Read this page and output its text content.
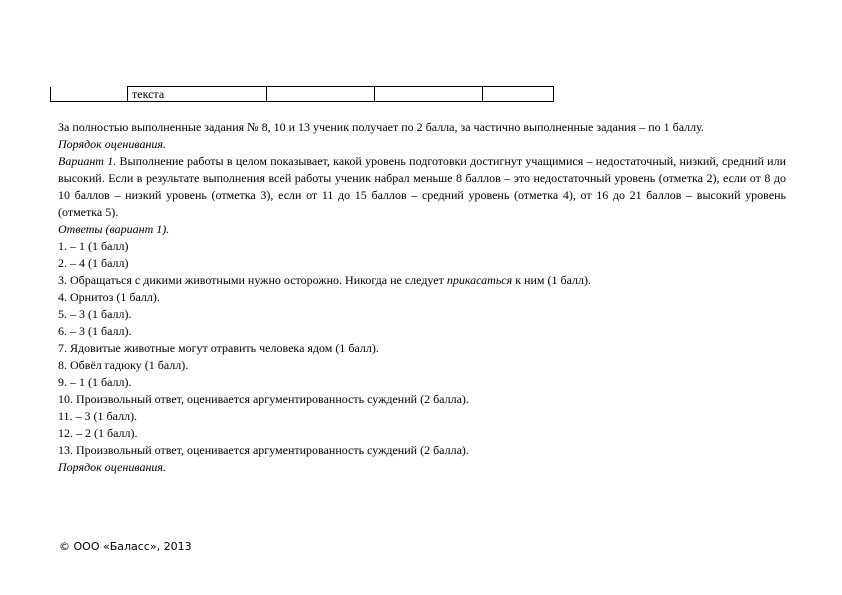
	текста			

За полностью выполненные задания № 8, 10 и 13 ученик получает по 2 балла, за частично выполненные задания – по 1 баллу.

Порядок оценивания.

Вариант 1. Выполнение работы в целом показывает, какой уровень подготовки достигнут учащимися – недостаточный, низкий, средний или высокий. Если в результате выполнения всей работы ученик набрал меньше 8 баллов – это недостаточный уровень (отметка 2), если от 8 до 10 баллов – низкий уровень (отметка 3), если от 11 до 15 баллов – средний уровень (отметка 4), от 16 до 21 баллов – высокий уровень (отметка 5).

Ответы (вариант 1).

1. – 1 (1 балл)

2. – 4 (1 балл)

3. Обращаться с дикими животными нужно осторожно. Никогда не следует прикасаться к ним (1 балл).

4. Орнитоз (1 балл).

5. – 3 (1 балл).

6. – 3 (1 балл).

7. Ядовитые животные могут отравить человека ядом (1 балл).

8. Обвёл гадюку (1 балл).

9. – 1 (1 балл).

10. Произвольный ответ, оценивается аргументированность суждений (2 балла).

11. – 3 (1 балл).

12. – 2 (1 балл).

13. Произвольный ответ, оценивается аргументированность суждений (2 балла).

Порядок оценивания.

© ООО «Баласс», 2013
